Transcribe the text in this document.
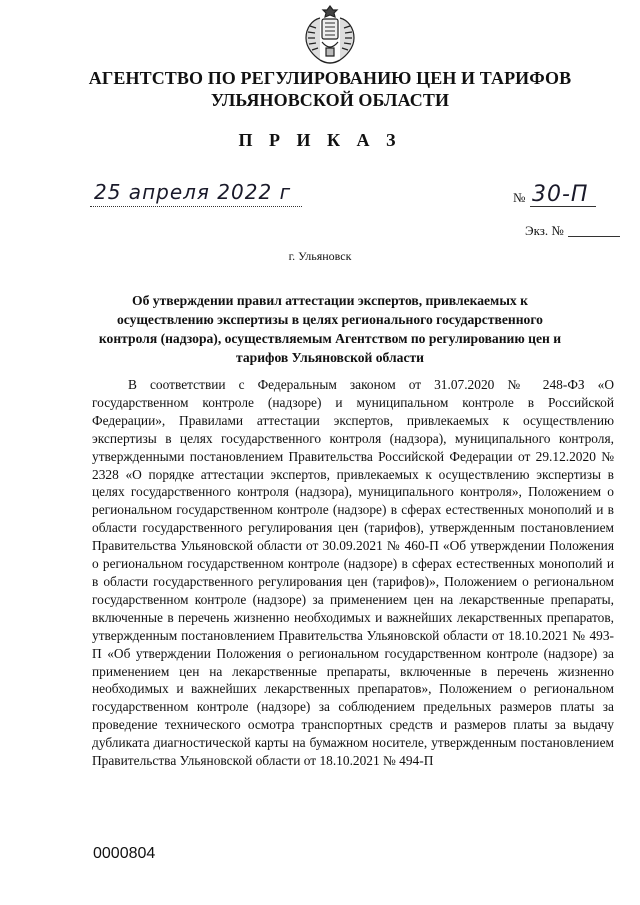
АГЕНТСТВО ПО РЕГУЛИРОВАНИЮ ЦЕН И ТАРИФОВ
УЛЬЯНОВСКОЙ ОБЛАСТИ
П Р И К А З
25 апреля 2022 г	№ 30-П
Экз. №
г. Ульяновск
Об утверждении правил аттестации экспертов, привлекаемых к осуществлению экспертизы в целях регионального государственного контроля (надзора), осуществляемым Агентством по регулированию цен и тарифов Ульяновской области

В соответствии с Федеральным законом от 31.07.2020 № 248-ФЗ «О государственном контроле (надзоре) и муниципальном контроле в Российской Федерации», Правилами аттестации экспертов, привлекаемых к осуществлению экспертизы в целях государственного контроля (надзора), муниципального контроля, утвержденными постановлением Правительства Российской Федерации от 29.12.2020 № 2328 «О порядке аттестации экспертов, привлекаемых к осуществлению экспертизы в целях государственного контроля (надзора), муниципального контроля», Положением о региональном государственном контроле (надзоре) в сферах естественных монополий и в области государственного регулирования цен (тарифов), утвержденным постановлением Правительства Ульяновской области от 30.09.2021 № 460-П «Об утверждении Положения о региональном государственном контроле (надзоре) в сферах естественных монополий и в области государственного регулирования цен (тарифов)», Положением о региональном государственном контроле (надзоре) за применением цен на лекарственные препараты, включенные в перечень жизненно необходимых и важнейших лекарственных препаратов, утвержденным постановлением Правительства Ульяновской области от 18.10.2021 № 493-П «Об утверждении Положения о региональном государственном контроле (надзоре) за применением цен на лекарственные препараты, включенные в перечень жизненно необходимых и важнейших лекарственных препаратов», Положением о региональном государственном контроле (надзоре) за соблюдением предельных размеров платы за проведение технического осмотра транспортных средств и размеров платы за выдачу дубликата диагностической карты на бумажном носителе, утвержденным постановлением Правительства Ульяновской области от 18.10.2021 № 494-П

0000804
